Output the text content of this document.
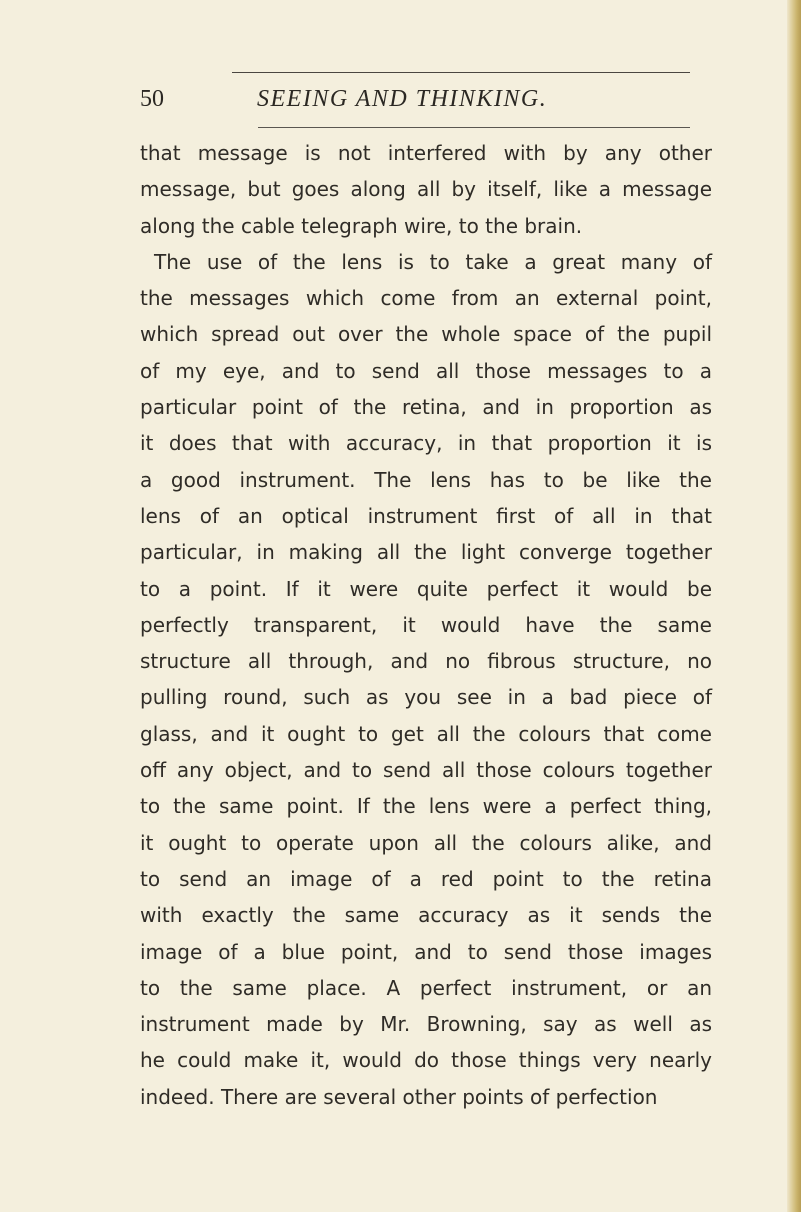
50	SEEING AND THINKING.
that message is not interfered with by any other
message, but goes along all by itself, like a message
along the cable telegraph wire, to the brain.
The use of the lens is to take a great many of
the messages which come from an external point,
which spread out over the whole space of the pupil
of my eye, and to send all those messages to a
particular point of the retina, and in proportion as
it does that with accuracy, in that proportion it is
a good instrument. The lens has to be like the
lens of an optical instrument first of all in that
particular, in making all the light converge together
to a point. If it were quite perfect it would be
perfectly transparent, it would have the same
structure all through, and no fibrous structure, no
pulling round, such as you see in a bad piece of
glass, and it ought to get all the colours that come
off any object, and to send all those colours together
to the same point. If the lens were a perfect thing,
it ought to operate upon all the colours alike, and
to send an image of a red point to the retina
with exactly the same accuracy as it sends the
image of a blue point, and to send those images
to the same place. A perfect instrument, or an
instrument made by Mr. Browning, say as well as
he could make it, would do those things very nearly
indeed. There are several other points of perfection
